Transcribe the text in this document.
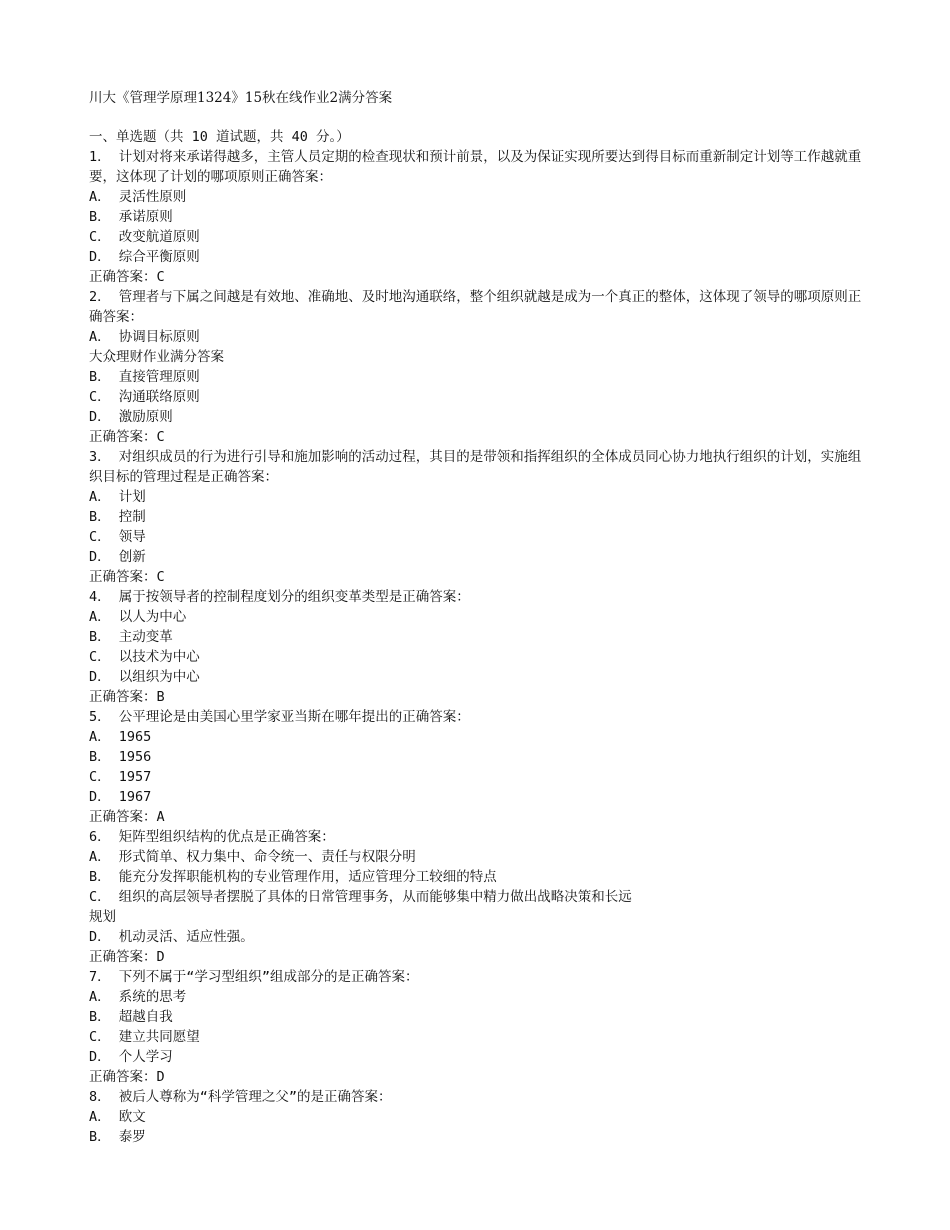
川大《管理学原理1324》15秋在线作业2满分答案
一、单选题（共 10 道试题，共 40 分。）
1． 计划对将来承诺得越多，主管人员定期的检查现状和预计前景，以及为保证实现所要达到得目标而重新制定计划等工作越就重要，这体现了计划的哪项原则正确答案：
A． 灵活性原则
B． 承诺原则
C． 改变航道原则
D． 综合平衡原则
正确答案：C
2． 管理者与下属之间越是有效地、准确地、及时地沟通联络，整个组织就越是成为一个真正的整体，这体现了领导的哪项原则正确答案：
A． 协调目标原则
大众理财作业满分答案
B． 直接管理原则
C． 沟通联络原则
D． 激励原则
正确答案：C
3． 对组织成员的行为进行引导和施加影响的活动过程，其目的是带领和指挥组织的全体成员同心协力地执行组织的计划，实施组织目标的管理过程是正确答案：
A． 计划
B． 控制
C． 领导
D． 创新
正确答案：C
4． 属于按领导者的控制程度划分的组织变革类型是正确答案：
A． 以人为中心
B． 主动变革
C． 以技术为中心
D． 以组织为中心
正确答案：B
5． 公平理论是由美国心里学家亚当斯在哪年提出的正确答案：
A． 1965
B． 1956
C． 1957
D． 1967
正确答案：A
6． 矩阵型组织结构的优点是正确答案：
A． 形式简单、权力集中、命令统一、责任与权限分明
B． 能充分发挥职能机构的专业管理作用，适应管理分工较细的特点
C． 组织的高层领导者摆脱了具体的日常管理事务，从而能够集中精力做出战略决策和长远
规划
D． 机动灵活、适应性强。
正确答案：D
7． 下列不属于“学习型组织”组成部分的是正确答案：
A． 系统的思考
B． 超越自我
C． 建立共同愿望
D． 个人学习
正确答案：D
8． 被后人尊称为“科学管理之父”的是正确答案：
A． 欧文
B． 泰罗
